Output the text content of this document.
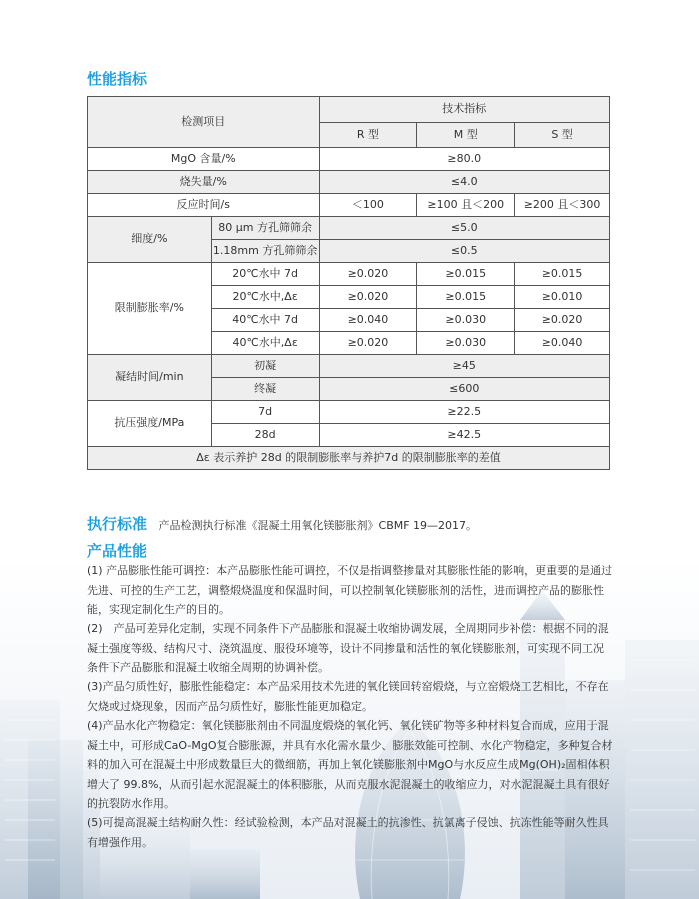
性能指标
检测项目		技术指标		
		R 型	M 型	S 型
MgO 含量/%		≥80.0		
烧失量/%		≤4.0		
反应时间/s		＜100	≥100 且＜200	≥200 且＜300
细度/%	80 μm 方孔筛筛余	≤5.0		
	1.18mm 方孔筛筛余	≤0.5		
限制膨胀率/%	20℃水中 7d	≥0.020	≥0.015	≥0.015
	20℃水中,Δε	≥0.020	≥0.015	≥0.010
	40℃水中 7d	≥0.040	≥0.030	≥0.020
	40℃水中,Δε	≥0.020	≥0.030	≥0.040
凝结时间/min	初凝	≥45		
	终凝	≤600		
抗压强度/MPa	7d	≥22.5		
	28d	≥42.5		
Δε 表示养护 28d 的限制膨胀率与养护7d 的限制膨胀率的差值				
执行标准 产品检测执行标准《混凝土用氧化镁膨胀剂》CBMF 19—2017。
产品性能
(1) 产品膨胀性能可调控：本产品膨胀性能可调控，不仅是指调整掺量对其膨胀性能的影响，更重要的是通过先进、可控的生产工艺，调整煅烧温度和保温时间，可以控制氧化镁膨胀剂的活性，进而调控产品的膨胀性能，实现定制化生产的目的。
(2)　产品可差异化定制，实现不同条件下产品膨胀和混凝土收缩协调发展，全周期同步补偿：根据不同的混凝土强度等级、结构尺寸、浇筑温度、服役环境等，设计不同掺量和活性的氧化镁膨胀剂，可实现不同工况条件下产品膨胀和混凝土收缩全周期的协调补偿。
(3)产品匀质性好，膨胀性能稳定：本产品采用技术先进的氧化镁回转窑煅烧，与立窑煅烧工艺相比，不存在欠烧或过烧现象，因而产品匀质性好，膨胀性能更加稳定。
(4)产品水化产物稳定：氧化镁膨胀剂由不同温度煅烧的氧化钙、氧化镁矿物等多种材料复合而成，应用于混凝土中，可形成CaO-MgO复合膨胀源，并具有水化需水量少、膨胀效能可控制、水化产物稳定，多种复合材料的加入可在混凝土中形成数量巨大的微细筋，再加上氧化镁膨胀剂中MgO与水反应生成Mg(OH)₂固相体积增大了 99.8%，从而引起水泥混凝土的体积膨胀，从而克服水泥混凝土的收缩应力，对水泥混凝土具有很好的抗裂防水作用。
(5)可提高混凝土结构耐久性：经试验检测，本产品对混凝土的抗渗性、抗氯离子侵蚀、抗冻性能等耐久性具有增强作用。
